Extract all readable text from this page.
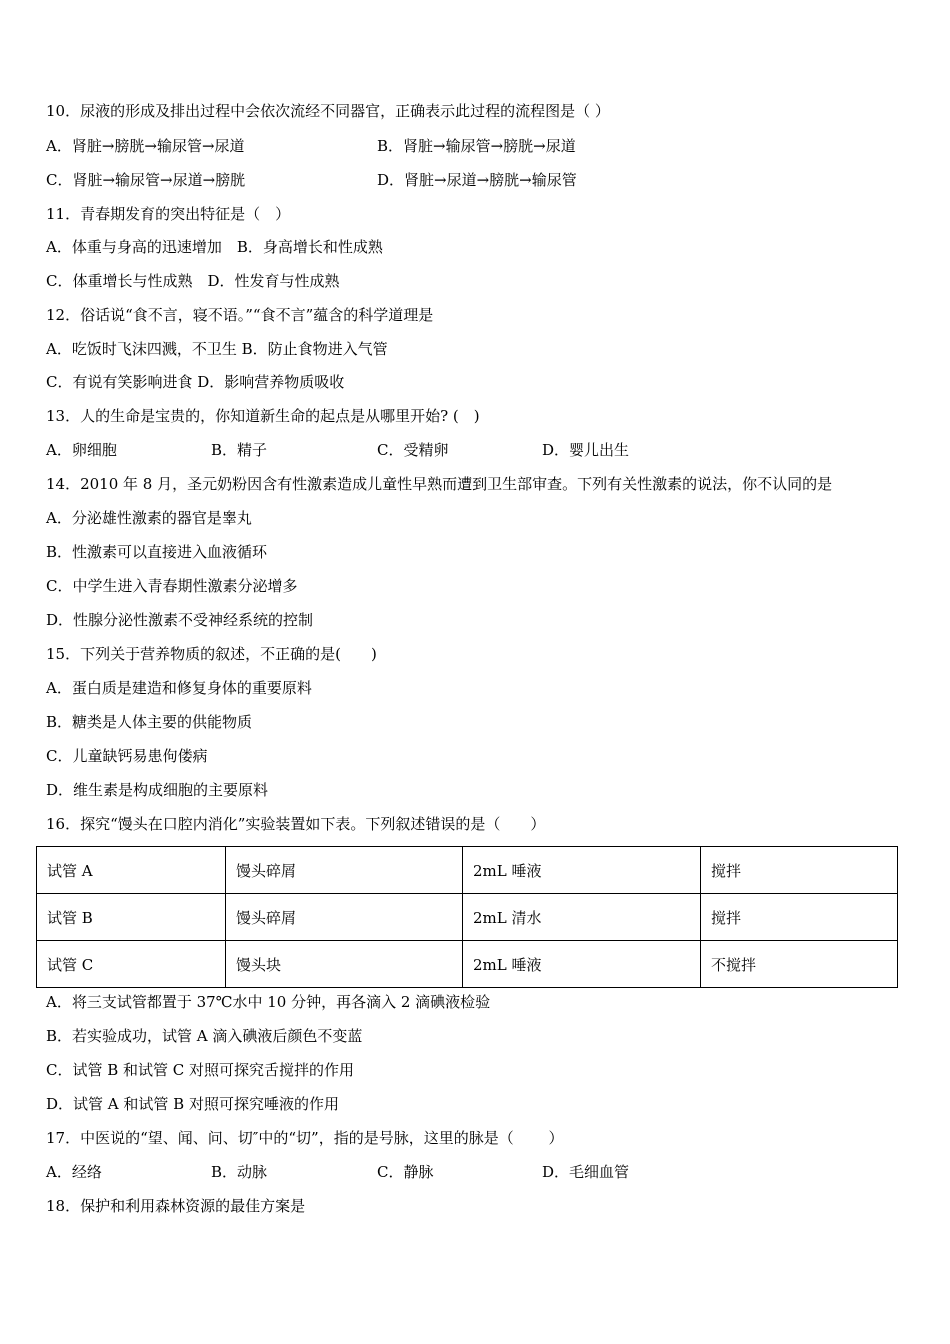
10．尿液的形成及排出过程中会依次流经不同器官，正确表示此过程的流程图是（ ）
A．肾脏→膀胱→输尿管→尿道	B．肾脏→输尿管→膀胱→尿道
C．肾脏→输尿管→尿道→膀胱	D．肾脏→尿道→膀胱→输尿管
11．青春期发育的突出特征是（　）
A．体重与身高的迅速增加　B．身高增长和性成熟
C．体重增长与性成熟　D．性发育与性成熟
12．俗话说“食不言，寝不语。”“食不言”蕴含的科学道理是
A．吃饭时飞沫四溅，不卫生 B．防止食物进入气管
C．有说有笑影响进食 D．影响营养物质吸收
13．人的生命是宝贵的，你知道新生命的起点是从哪里开始? (　)
A．卵细胞	B．精子	C．受精卵	D．婴儿出生
14．2010 年 8 月，圣元奶粉因含有性激素造成儿童性早熟而遭到卫生部审查。下列有关性激素的说法，你不认同的是
A．分泌雄性激素的器官是睾丸
B．性激素可以直接进入血液循环
C．中学生进入青春期性激素分泌增多
D．性腺分泌性激素不受神经系统的控制
15．下列关于营养物质的叙述，不正确的是(　　)
A．蛋白质是建造和修复身体的重要原料
B．糖类是人体主要的供能物质
C．儿童缺钙易患佝偻病
D．维生素是构成细胞的主要原料
16．探究“馒头在口腔内消化”实验装置如下表。下列叙述错误的是（　　）
试管 A	馒头碎屑	2mL 唾液	搅拌
试管 B	馒头碎屑	2mL 清水	搅拌
试管 C	馒头块	2mL 唾液	不搅拌
A．将三支试管都置于 37℃水中 10 分钟，再各滴入 2 滴碘液检验
B．若实验成功，试管 A 滴入碘液后颜色不变蓝
C．试管 B 和试管 C 对照可探究舌搅拌的作用
D．试管 A 和试管 B 对照可探究唾液的作用
17．中医说的“望、闻、问、切″中的“切”，指的是号脉，这里的脉是（　　 ）
A．经络	B．动脉	C．静脉	D．毛细血管
18．保护和利用森林资源的最佳方案是
